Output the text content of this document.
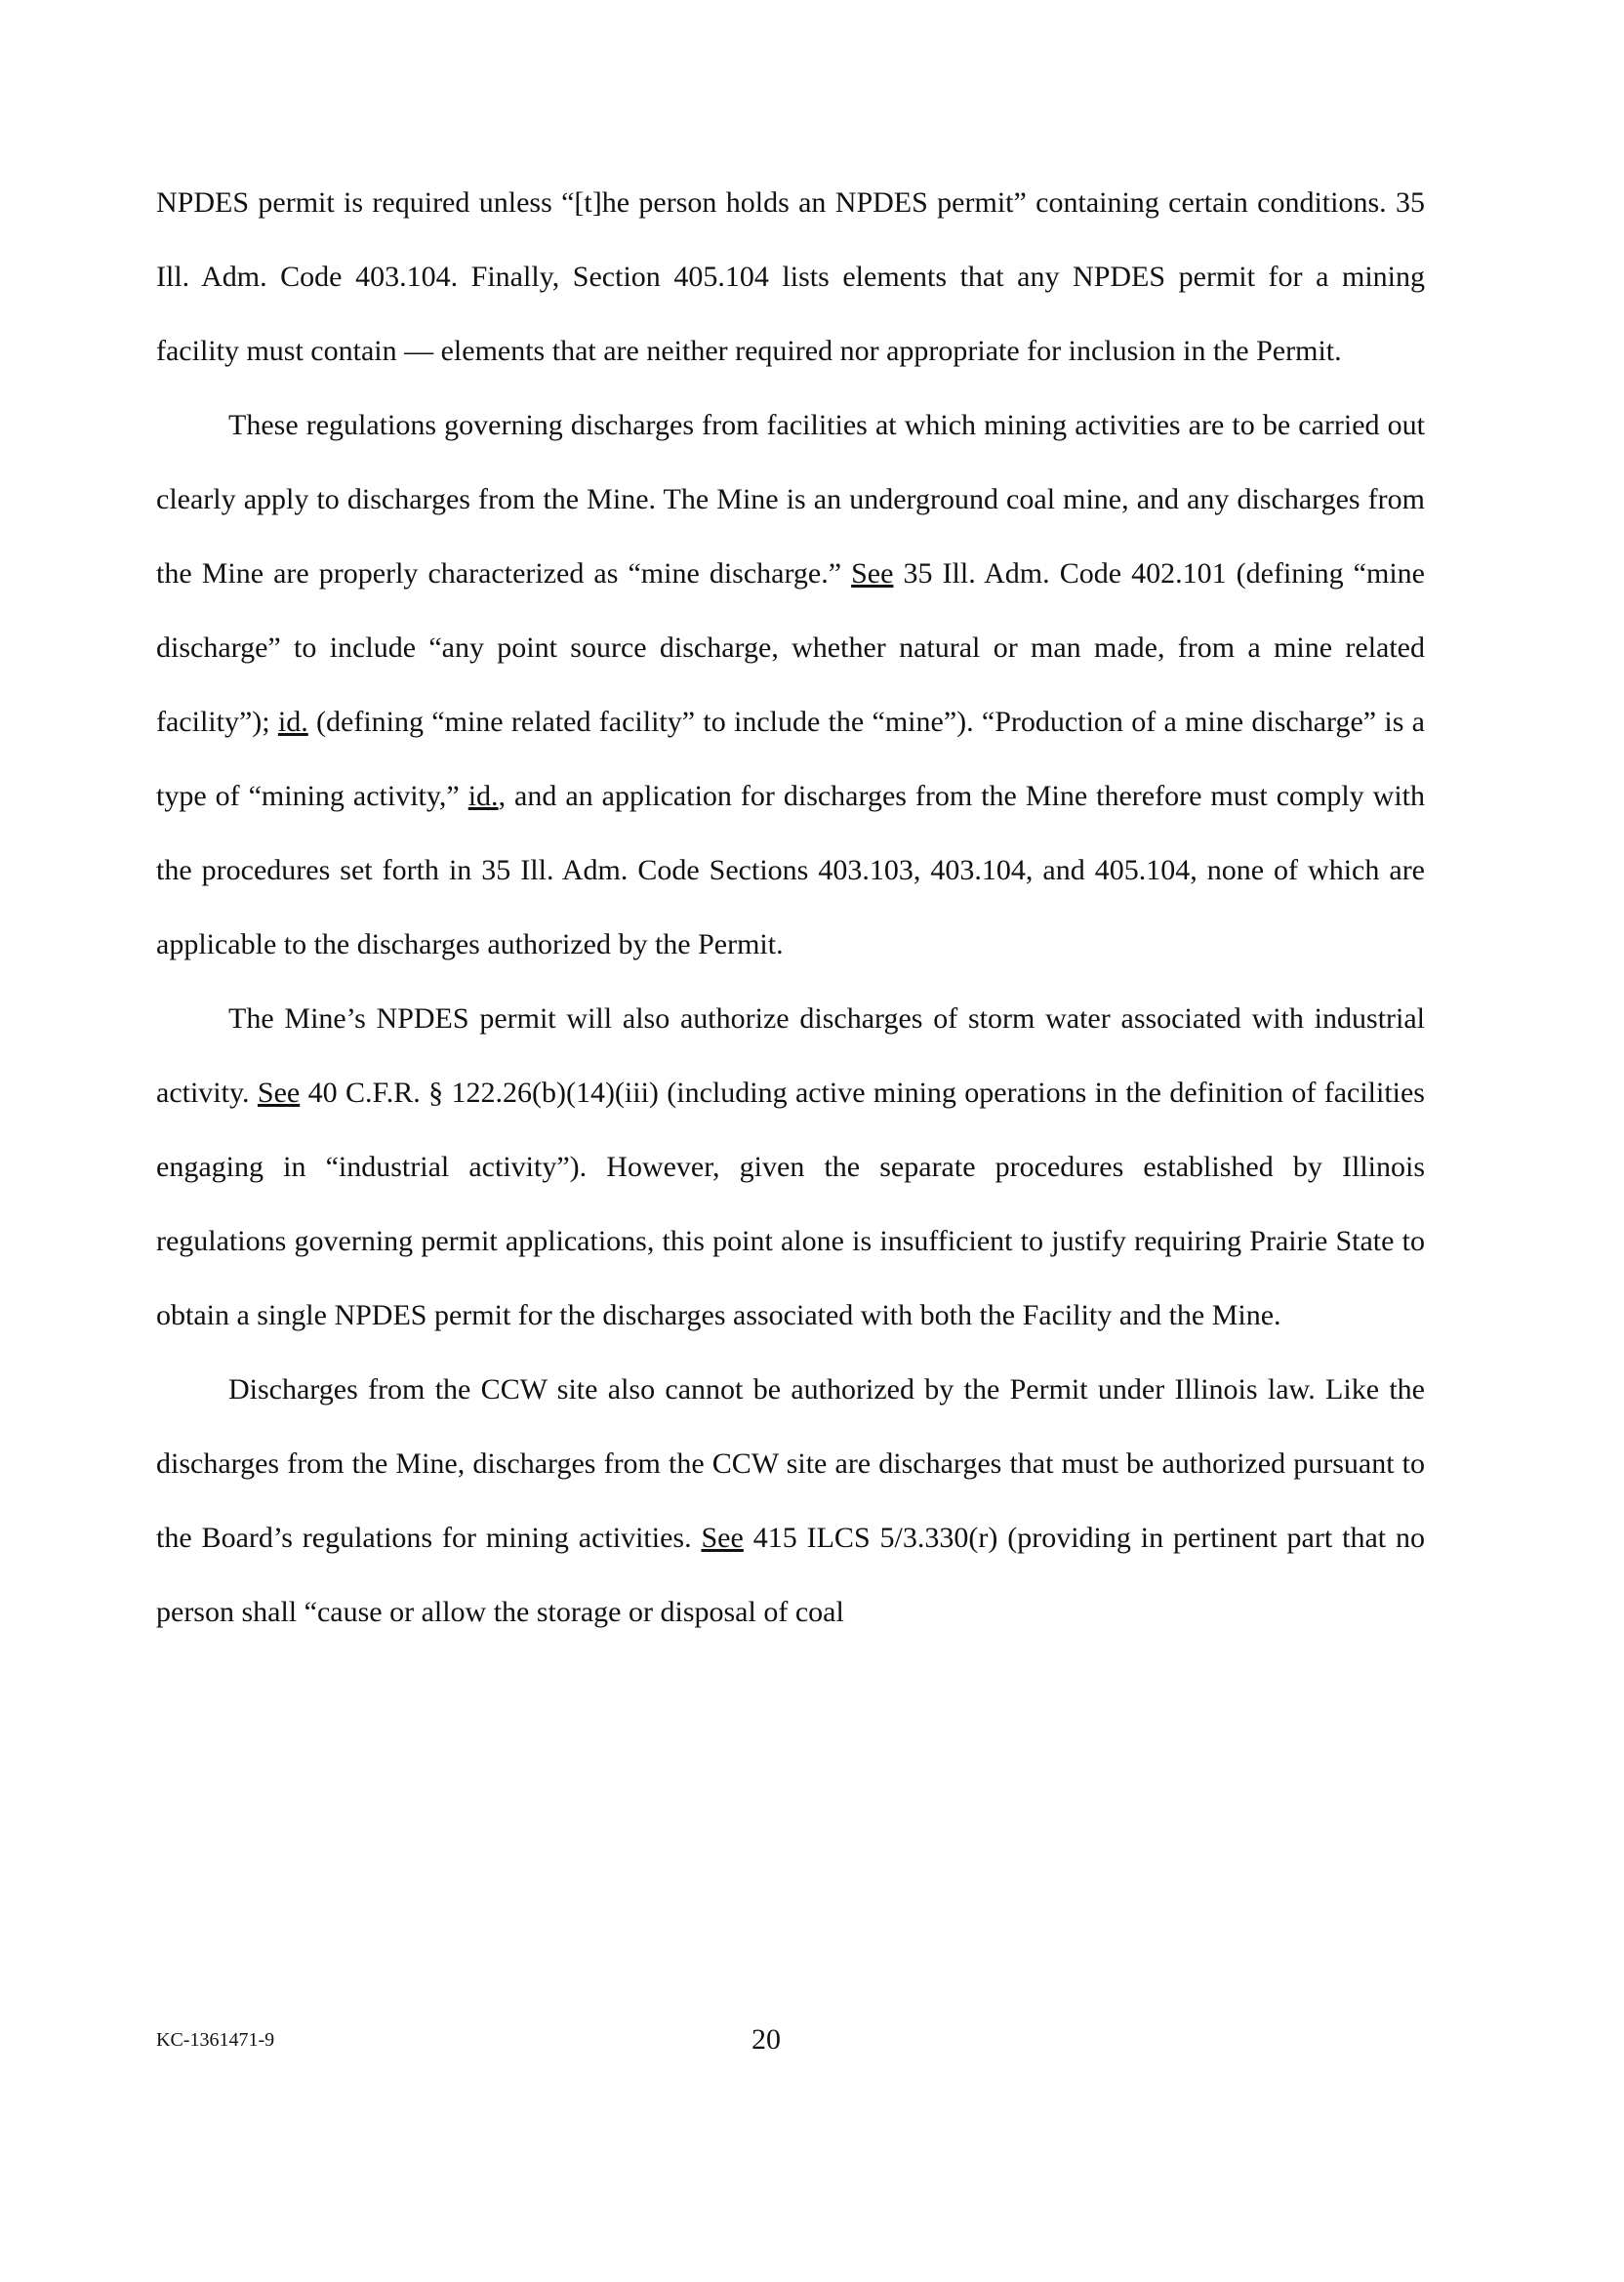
NPDES permit is required unless “[t]he person holds an NPDES permit” containing certain conditions. 35 Ill. Adm. Code 403.104. Finally, Section 405.104 lists elements that any NPDES permit for a mining facility must contain — elements that are neither required nor appropriate for inclusion in the Permit.

These regulations governing discharges from facilities at which mining activities are to be carried out clearly apply to discharges from the Mine. The Mine is an underground coal mine, and any discharges from the Mine are properly characterized as “mine discharge.” See 35 Ill. Adm. Code 402.101 (defining “mine discharge” to include “any point source discharge, whether natural or man made, from a mine related facility”); id. (defining “mine related facility” to include the “mine”). “Production of a mine discharge” is a type of “mining activity,” id., and an application for discharges from the Mine therefore must comply with the procedures set forth in 35 Ill. Adm. Code Sections 403.103, 403.104, and 405.104, none of which are applicable to the discharges authorized by the Permit.

The Mine’s NPDES permit will also authorize discharges of storm water associated with industrial activity. See 40 C.F.R. § 122.26(b)(14)(iii) (including active mining operations in the definition of facilities engaging in “industrial activity”). However, given the separate procedures established by Illinois regulations governing permit applications, this point alone is insufficient to justify requiring Prairie State to obtain a single NPDES permit for the discharges associated with both the Facility and the Mine.

Discharges from the CCW site also cannot be authorized by the Permit under Illinois law. Like the discharges from the Mine, discharges from the CCW site are discharges that must be authorized pursuant to the Board’s regulations for mining activities. See 415 ILCS 5/3.330(r) (providing in pertinent part that no person shall “cause or allow the storage or disposal of coal

KC-1361471-9	20
